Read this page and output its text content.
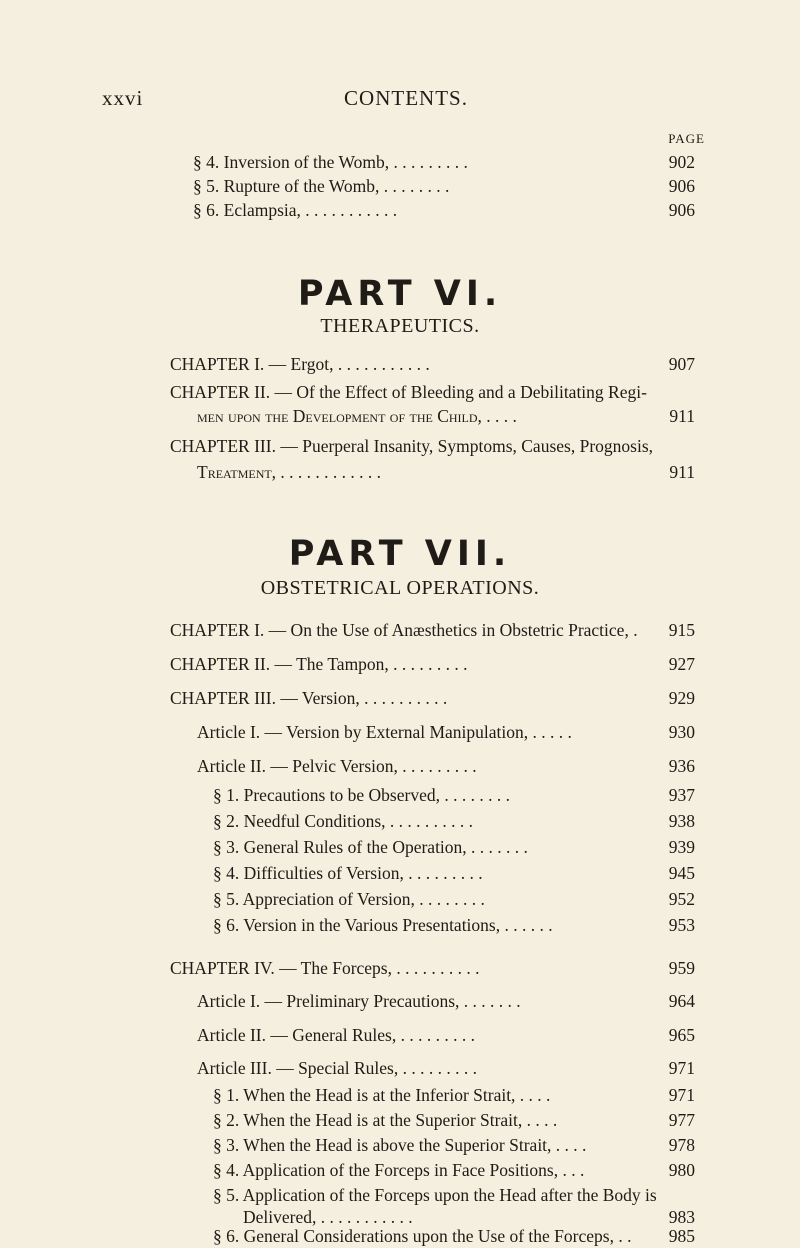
xxvi	CONTENTS.
PAGE
§ 4. Inversion of the Womb, . . . . . . . . .	902
§ 5. Rupture of the Womb, . . . . . . . .	906
§ 6. Eclampsia, . . . . . . . . . . .	906
PART VI.
THERAPEUTICS.
CHAPTER I. — Ergot, . . . . . . . . . . .	907
CHAPTER II. — Of the Effect of Bleeding and a Debilitating Regi-
men upon the Development of the Child, . . . .	911
CHAPTER III. — Puerperal Insanity, Symptoms, Causes, Prognosis,
Treatment, . . . . . . . . . . . .	911
PART VII.
OBSTETRICAL OPERATIONS.
CHAPTER I. — On the Use of Anæsthetics in Obstetric Practice, . 915
CHAPTER II. — The Tampon, . . . . . . . . .	927
CHAPTER III. — Version, . . . . . . . . . .	929
Article I. — Version by External Manipulation, . . . . .	930
Article II. — Pelvic Version, . . . . . . . . .	936
§ 1. Precautions to be Observed, . . . . . . . .	937
§ 2. Needful Conditions, . . . . . . . . . .	938
§ 3. General Rules of the Operation, . . . . . . .	939
§ 4. Difficulties of Version, . . . . . . . . .	945
§ 5. Appreciation of Version, . . . . . . . .	952
§ 6. Version in the Various Presentations, . . . . . .	953
CHAPTER IV. — The Forceps, . . . . . . . . . .	959
Article I. — Preliminary Precautions, . . . . . . .	964
Article II. — General Rules, . . . . . . . . .	965
Article III. — Special Rules, . . . . . . . . .	971
§ 1. When the Head is at the Inferior Strait, . . . .	971
§ 2. When the Head is at the Superior Strait, . . . .	977
§ 3. When the Head is above the Superior Strait, . . . .	978
§ 4. Application of the Forceps in Face Positions, . . .	980
§ 5. Application of the Forceps upon the Head after the Body is
Delivered, . . . . . . . . . . .	983
§ 6. General Considerations upon the Use of the Forceps, . . 985
